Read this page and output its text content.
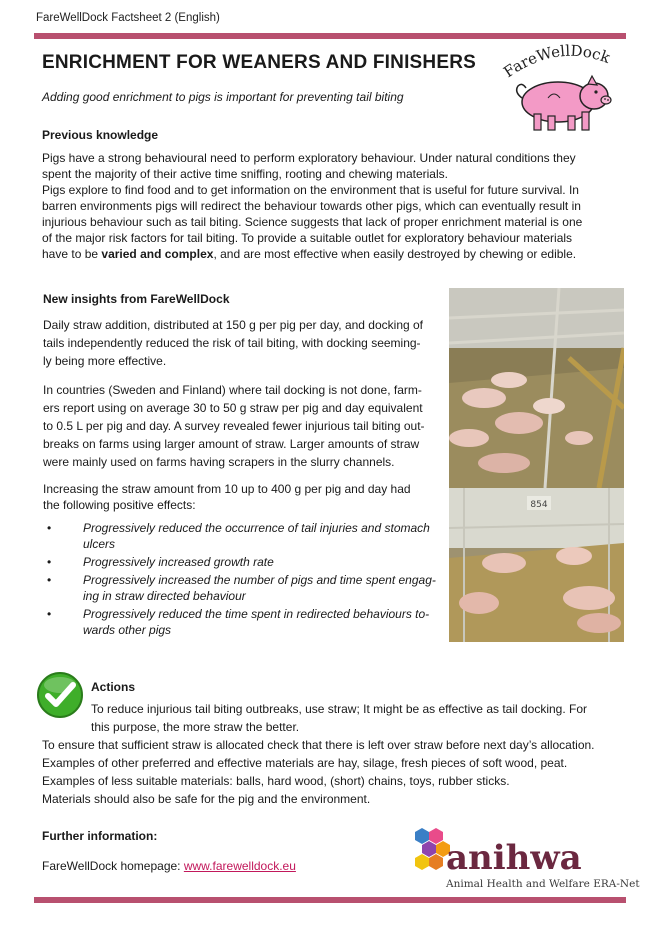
FareWellDock Factsheet 2 (English)
ENRICHMENT FOR WEANERS AND FINISHERS
Adding good enrichment to pigs is important for preventing tail biting
FareWellDock
Previous knowledge
Pigs have a strong behavioural need to perform exploratory behaviour. Under natural conditions they
spent the majority of their active time sniffing, rooting and chewing materials.
Pigs explore to find food and to get information on the environment that is useful for future survival. In
barren environments pigs will redirect the behaviour towards other pigs, which can eventually result in
injurious behaviour such as tail biting. Science suggests that lack of proper enrichment material is one
of the major risk factors for tail biting. To provide a suitable outlet for exploratory behaviour materials
have to be varied and complex, and are most effective when easily destroyed by chewing or edible.
New insights from FareWellDock
Daily straw addition, distributed at 150 g per pig per day, and docking of
tails independently reduced the risk of tail biting, with docking seeming-
ly being more effective.
In countries (Sweden and Finland) where tail docking is not done, farm-
ers report using on average 30 to 50 g straw per pig and day equivalent
to 0.5 L per pig and day. A survey revealed fewer injurious tail biting out-
breaks on farms using larger amount of straw. Larger amounts of straw
were mainly used on farms having scrapers in the slurry channels.
Increasing the straw amount from 10 up to 400 g per pig and day had
the following positive effects:
•	Progressively reduced the occurrence of tail injuries and stomach
ulcers
•	Progressively increased growth rate
•	Progressively increased the number of pigs and time spent engag-
ing in straw directed behaviour
•	Progressively reduced the time spent in redirected behaviours to-
wards other pigs
854
Actions
To reduce injurious tail biting outbreaks, use straw; It might be as effective as tail docking. For
this purpose, the more straw the better.
To ensure that sufficient straw is allocated check that there is left over straw before next day’s allocation.
Examples of other preferred and effective materials are hay, silage, fresh pieces of soft wood, peat.
Examples of less suitable materials: balls, hard wood, (short) chains, toys, rubber sticks.
Materials should also be safe for the pig and the environment.
Further information:
FareWellDock homepage: www.farewelldock.eu	anihwa
Animal Health and Welfare ERA-Net
